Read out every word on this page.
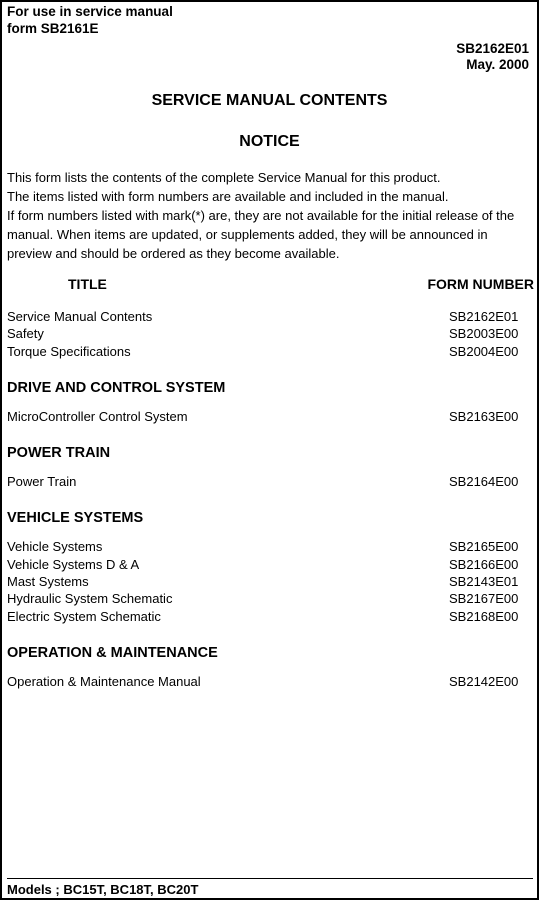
For use in service manual
form SB2161E
SB2162E01
May. 2000
SERVICE MANUAL CONTENTS
NOTICE

This form lists the contents of the complete Service Manual for this product.

The items listed with form numbers are available and included in the manual.

If form numbers listed with mark(*) are, they are not available for the initial release of the manual. When items are updated, or supplements added, they will be announced in preview and should be ordered as they become available.

TITLE	FORM NUMBER
Service Manual Contents	SB2162E01
Safety	SB2003E00
Torque Specifications	SB2004E00
DRIVE AND CONTROL SYSTEM
MicroController Control System	SB2163E00
POWER TRAIN
Power Train	SB2164E00
VEHICLE SYSTEMS
Vehicle Systems	SB2165E00
Vehicle Systems D & A	SB2166E00
Mast Systems	SB2143E01
Hydraulic System Schematic	SB2167E00
Electric System Schematic	SB2168E00
OPERATION & MAINTENANCE
Operation & Maintenance Manual	SB2142E00
Models ; BC15T, BC18T, BC20T
